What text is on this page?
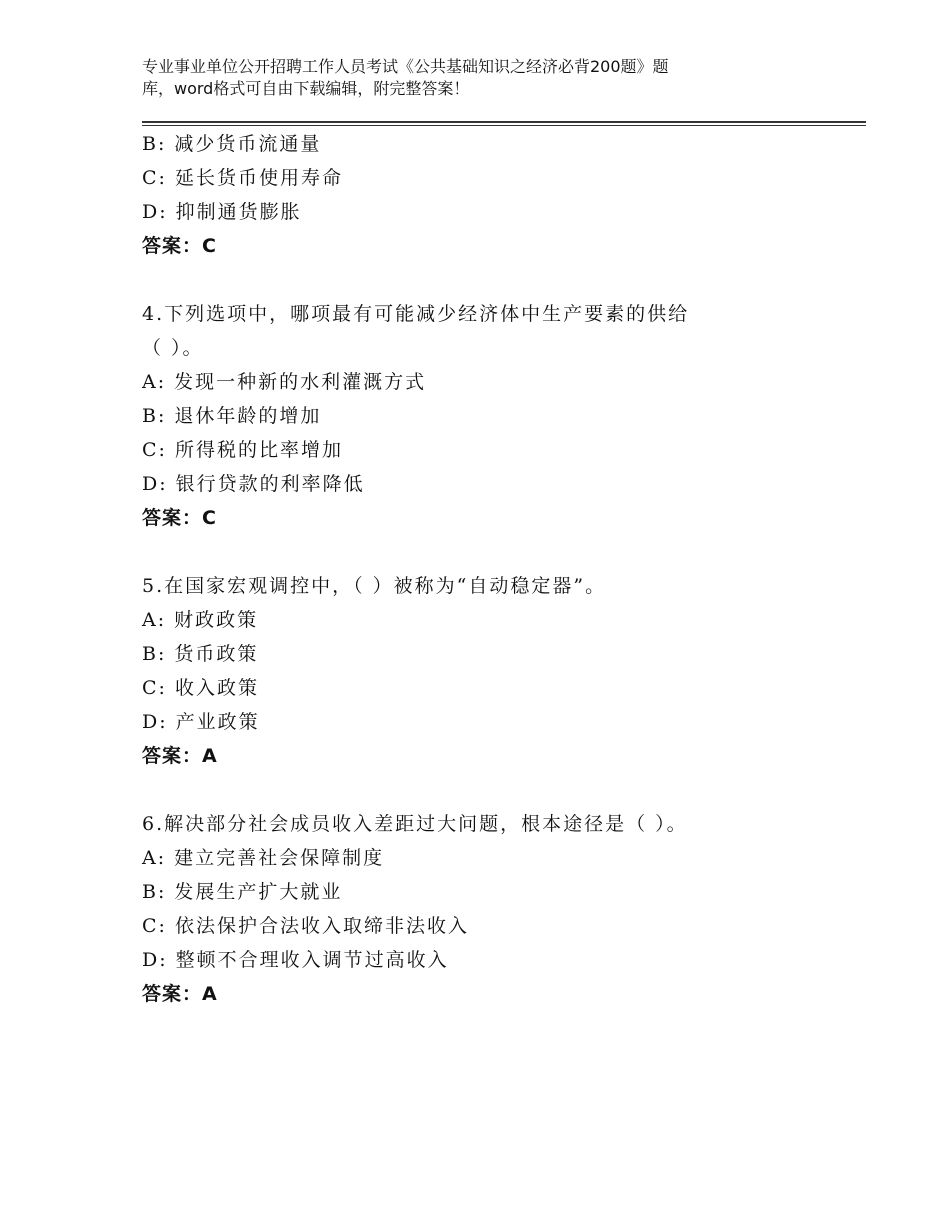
专业事业单位公开招聘工作人员考试《公共基础知识之经济必背200题》题
库，word格式可自由下载编辑，附完整答案！
B: 减少货币流通量
C: 延长货币使用寿命
D: 抑制通货膨胀
答案：C
4.下列选项中，哪项最有可能减少经济体中生产要素的供给
（ ）。
A: 发现一种新的水利灌溉方式
B: 退休年龄的增加
C: 所得税的比率增加
D: 银行贷款的利率降低
答案：C
5.在国家宏观调控中，（ ）被称为“自动稳定器”。
A: 财政政策
B: 货币政策
C: 收入政策
D: 产业政策
答案：A
6.解决部分社会成员收入差距过大问题，根本途径是（ ）。
A: 建立完善社会保障制度
B: 发展生产扩大就业
C: 依法保护合法收入取缔非法收入
D: 整顿不合理收入调节过高收入
答案：A
